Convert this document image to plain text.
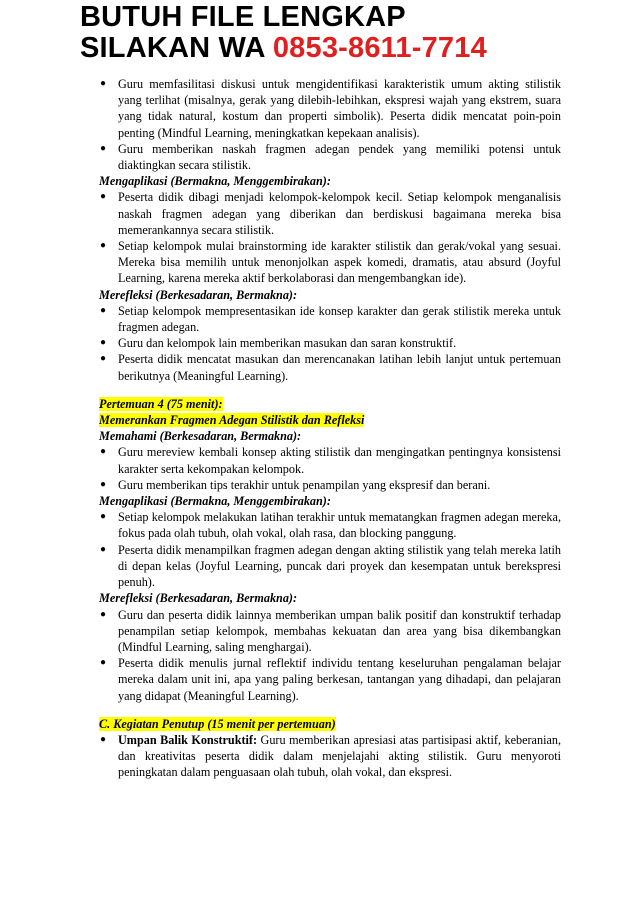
BUTUH FILE LENGKAP
SILAKAN WA 0853-8611-7714
● Guru memfasilitasi diskusi untuk mengidentifikasi karakteristik umum akting stilistik yang terlihat (misalnya, gerak yang dilebih-lebihkan, ekspresi wajah yang ekstrem, suara yang tidak natural, kostum dan properti simbolik). Peserta didik mencatat poin-poin penting (Mindful Learning, meningkatkan kepekaan analisis).
● Guru memberikan naskah fragmen adegan pendek yang memiliki potensi untuk diaktingkan secara stilistik.
Mengaplikasi (Bermakna, Menggembirakan):
● Peserta didik dibagi menjadi kelompok-kelompok kecil. Setiap kelompok menganalisis naskah fragmen adegan yang diberikan dan berdiskusi bagaimana mereka bisa memerankannya secara stilistik.
● Setiap kelompok mulai brainstorming ide karakter stilistik dan gerak/vokal yang sesuai. Mereka bisa memilih untuk menonjolkan aspek komedi, dramatis, atau absurd (Joyful Learning, karena mereka aktif berkolaborasi dan mengembangkan ide).
Merefleksi (Berkesadaran, Bermakna):
● Setiap kelompok mempresentasikan ide konsep karakter dan gerak stilistik mereka untuk fragmen adegan.
● Guru dan kelompok lain memberikan masukan dan saran konstruktif.
● Peserta didik mencatat masukan dan merencanakan latihan lebih lanjut untuk pertemuan berikutnya (Meaningful Learning).
Pertemuan 4 (75 menit):
Memerankan Fragmen Adegan Stilistik dan Refleksi
Memahami (Berkesadaran, Bermakna):
● Guru mereview kembali konsep akting stilistik dan mengingatkan pentingnya konsistensi karakter serta kekompakan kelompok.
● Guru memberikan tips terakhir untuk penampilan yang ekspresif dan berani.
Mengaplikasi (Bermakna, Menggembirakan):
● Setiap kelompok melakukan latihan terakhir untuk mematangkan fragmen adegan mereka, fokus pada olah tubuh, olah vokal, olah rasa, dan blocking panggung.
● Peserta didik menampilkan fragmen adegan dengan akting stilistik yang telah mereka latih di depan kelas (Joyful Learning, puncak dari proyek dan kesempatan untuk berekspresi penuh).
Merefleksi (Berkesadaran, Bermakna):
● Guru dan peserta didik lainnya memberikan umpan balik positif dan konstruktif terhadap penampilan setiap kelompok, membahas kekuatan dan area yang bisa dikembangkan (Mindful Learning, saling menghargai).
● Peserta didik menulis jurnal reflektif individu tentang keseluruhan pengalaman belajar mereka dalam unit ini, apa yang paling berkesan, tantangan yang dihadapi, dan pelajaran yang didapat (Meaningful Learning).
C. Kegiatan Penutup (15 menit per pertemuan)
● Umpan Balik Konstruktif: Guru memberikan apresiasi atas partisipasi aktif, keberanian, dan kreativitas peserta didik dalam menjelajahi akting stilistik. Guru menyoroti peningkatan dalam penguasaan olah tubuh, olah vokal, dan ekspresi.
